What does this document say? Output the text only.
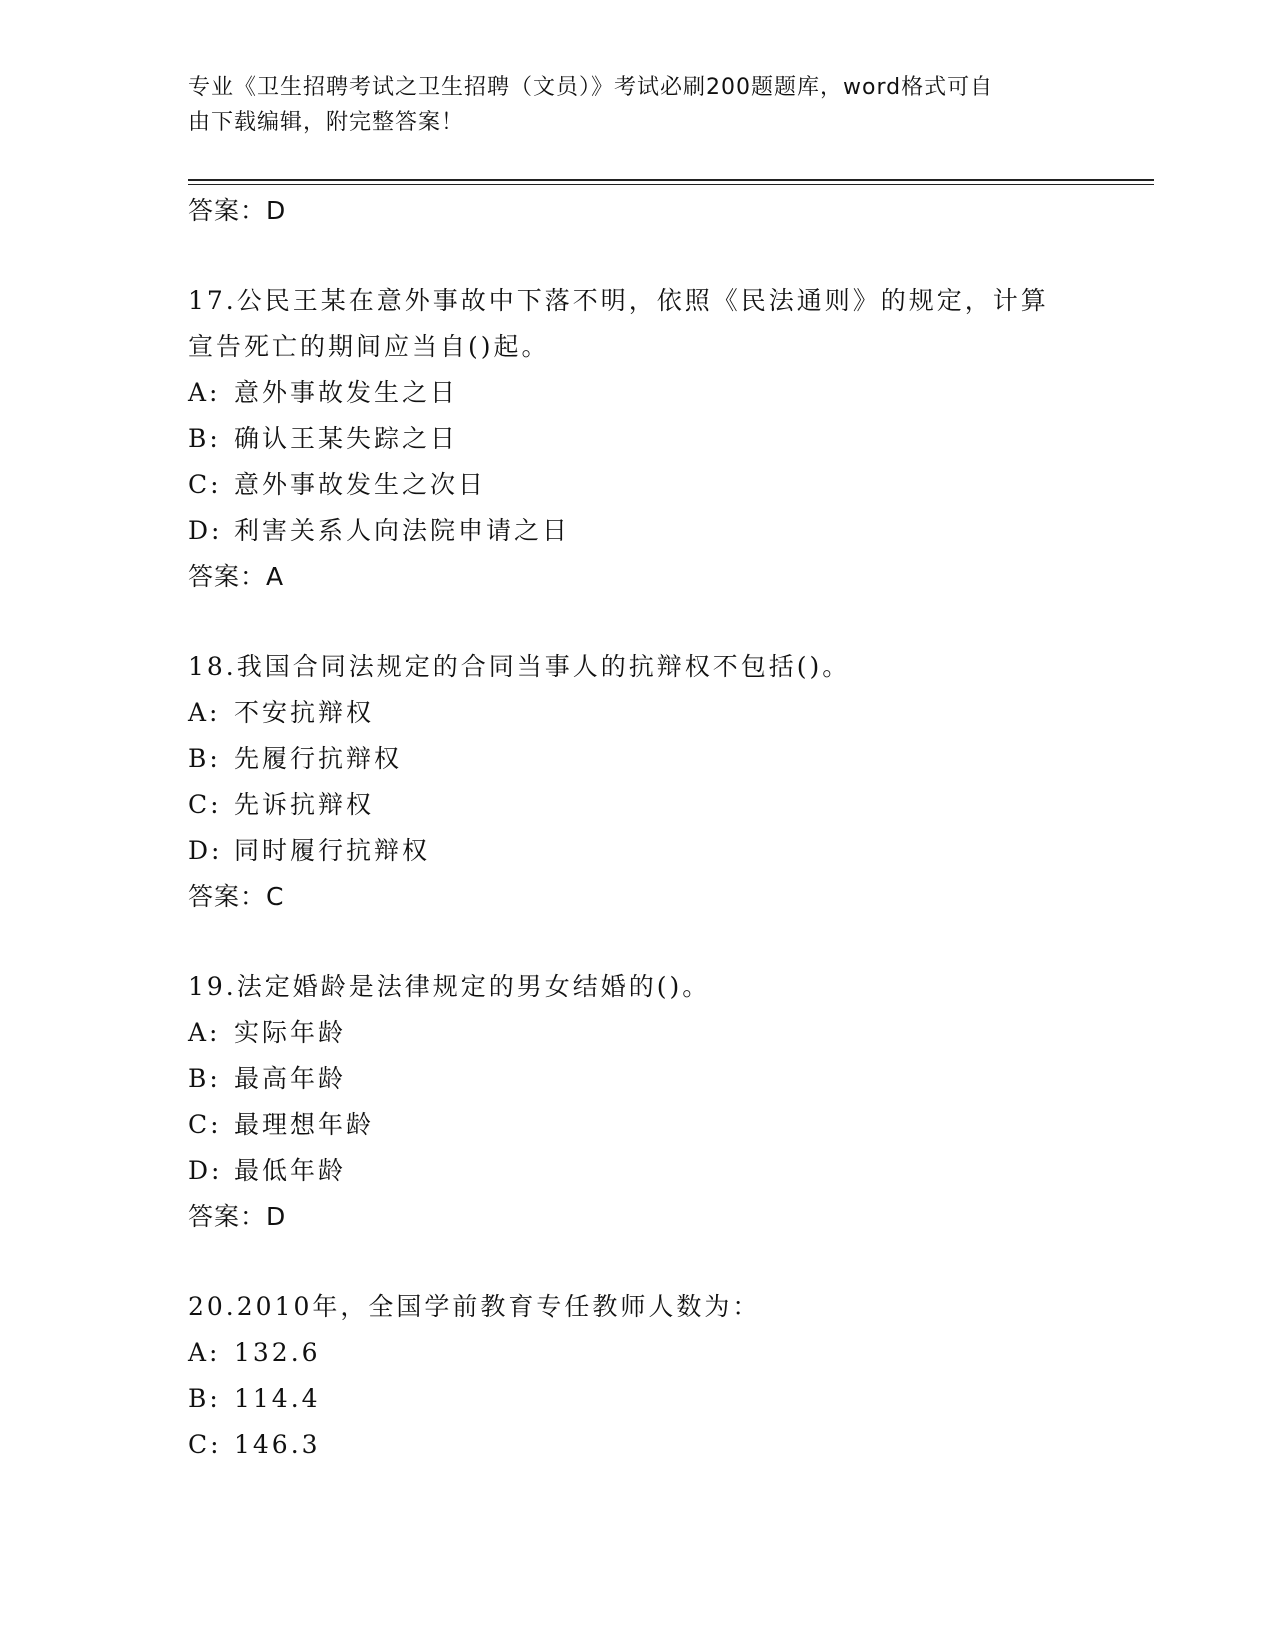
专业《卫生招聘考试之卫生招聘（文员）》考试必刷200题题库，word格式可自
由下载编辑，附完整答案！
答案：D
17.公民王某在意外事故中下落不明，依照《民法通则》的规定，计算
宣告死亡的期间应当自()起。
A: 意外事故发生之日
B: 确认王某失踪之日
C: 意外事故发生之次日
D: 利害关系人向法院申请之日
答案：A
18.我国合同法规定的合同当事人的抗辩权不包括()。
A: 不安抗辩权
B: 先履行抗辩权
C: 先诉抗辩权
D: 同时履行抗辩权
答案：C
19.法定婚龄是法律规定的男女结婚的()。
A: 实际年龄
B: 最高年龄
C: 最理想年龄
D: 最低年龄
答案：D
20.2010年，全国学前教育专任教师人数为：
A: 132.6
B: 114.4
C: 146.3
